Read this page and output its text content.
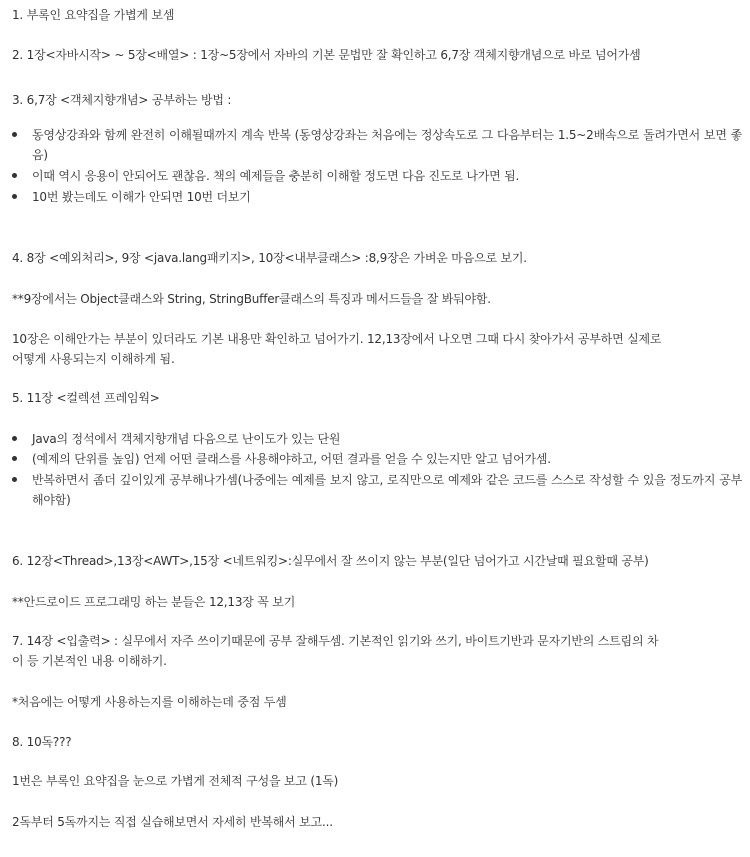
1. 부록인 요약집을 가볍게 보셈
2. 1장<자바시작> ~ 5장<배열> : 1장~5장에서 자바의 기본 문법만 잘 확인하고 6,7장 객체지향개념으로 바로 넘어가셈
3. 6,7장 <객체지향개념> 공부하는 방법 :
동영상강좌와 함께 완전히 이해될때까지 계속 반복 (동영상강좌는 처음에는 정상속도로 그 다음부터는 1.5~2배속으로 돌려가면서 보면 좋음)
이때 역시 응용이 안되어도 괜찮음. 책의 예제들을 충분히 이해할 정도면 다음 진도로 나가면 됨.
10번 봤는데도 이해가 안되면 10번 더보기
4. 8장 <예외처리>, 9장 <java.lang패키지>, 10장<내부클래스> :8,9장은 가벼운 마음으로 보기.
**9장에서는 Object클래스와 String, StringBuffer클래스의 특징과 메서드들을 잘 봐둬야함.
10장은 이해안가는 부분이 있더라도 기본 내용만 확인하고 넘어가기. 12,13장에서 나오면 그때 다시 찾아가서 공부하면 실제로
어떻게 사용되는지 이해하게 됨.
5. 11장 <컬렉션 프레임웍>
Java의 정석에서 객체지향개념 다음으로 난이도가 있는 단원
(예제의 단위를 높임) 언제 어떤 클래스를 사용해야하고, 어떤 결과를 얻을 수 있는지만 알고 넘어가셈.
반복하면서 좀더 깊이있게 공부해나가셈(나중에는 예제를 보지 않고, 로직만으로 예제와 같은 코드를 스스로 작성할 수 있을 정도까지 공부해야함)
6. 12장<Thread>,13장<AWT>,15장 <네트워킹>:실무에서 잘 쓰이지 않는 부분(일단 넘어가고 시간날때 필요할때 공부)
**안드로이드 프로그래밍 하는 분들은 12,13장 꼭 보기
7. 14장 <입출력> : 실무에서 자주 쓰이기때문에 공부 잘해두셈. 기본적인 읽기와 쓰기, 바이트기반과 문자기반의 스트림의 차
이 등 기본적인 내용 이해하기.
*처음에는 어떻게 사용하는지를 이해하는데 중점 두셈
8. 10독???
1번은 부록인 요약집을 눈으로 가볍게 전체적 구성을 보고 (1독)
2독부터 5독까지는 직접 실습해보면서 자세히 반복해서 보고...
